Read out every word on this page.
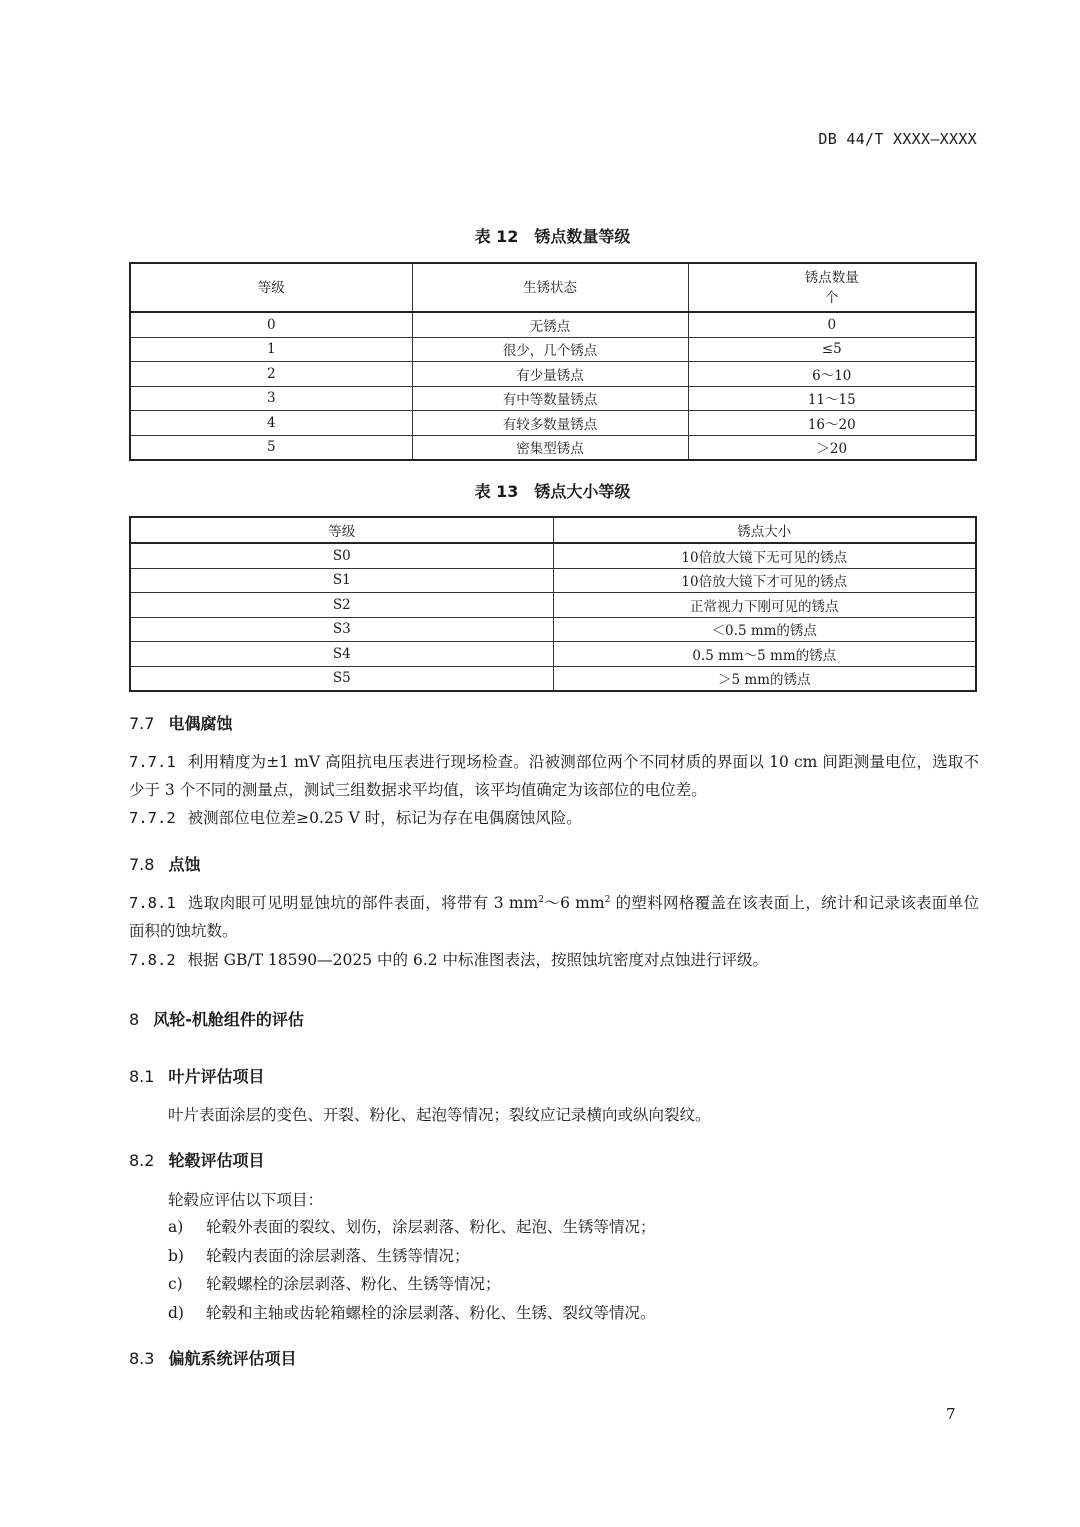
DB 44/T XXXX—XXXX
表 12　锈点数量等级
等级	生锈状态	锈点数量
个
0	无锈点	0
1	很少，几个锈点	≤5
2	有少量锈点	6～10
3	有中等数量锈点	11～15
4	有较多数量锈点	16～20
5	密集型锈点	＞20
表 13　锈点大小等级
等级	锈点大小
S0	10倍放大镜下无可见的锈点
S1	10倍放大镜下才可见的锈点
S2	正常视力下刚可见的锈点
S3	＜0.5 mm的锈点
S4	0.5 mm～5 mm的锈点
S5	＞5 mm的锈点
7.7 电偶腐蚀
7.7.1 利用精度为±1 mV 高阻抗电压表进行现场检查。沿被测部位两个不同材质的界面以 10 cm 间距测量电位，选取不少于 3 个不同的测量点，测试三组数据求平均值，该平均值确定为该部位的电位差。
7.7.2 被测部位电位差≥0.25 V 时，标记为存在电偶腐蚀风险。
7.8 点蚀
7.8.1 选取肉眼可见明显蚀坑的部件表面，将带有 3 $mm^2\sim 6$ $mm^2$ 的塑料网格覆盖在该表面上，统计和记录该表面单位面积的蚀坑数。
7.8.2 根据 GB/T 18590—2025 中的 6.2 中标准图表法，按照蚀坑密度对点蚀进行评级。
8 风轮-机舱组件的评估
8.1 叶片评估项目
叶片表面涂层的变色、开裂、粉化、起泡等情况；裂纹应记录横向或纵向裂纹。
8.2 轮毂评估项目
轮毂应评估以下项目：
a) 轮毂外表面的裂纹、划伤，涂层剥落、粉化、起泡、生锈等情况；
b) 轮毂内表面的涂层剥落、生锈等情况；
c) 轮毂螺栓的涂层剥落、粉化、生锈等情况；
d) 轮毂和主轴或齿轮箱螺栓的涂层剥落、粉化、生锈、裂纹等情况。
8.3 偏航系统评估项目
7
